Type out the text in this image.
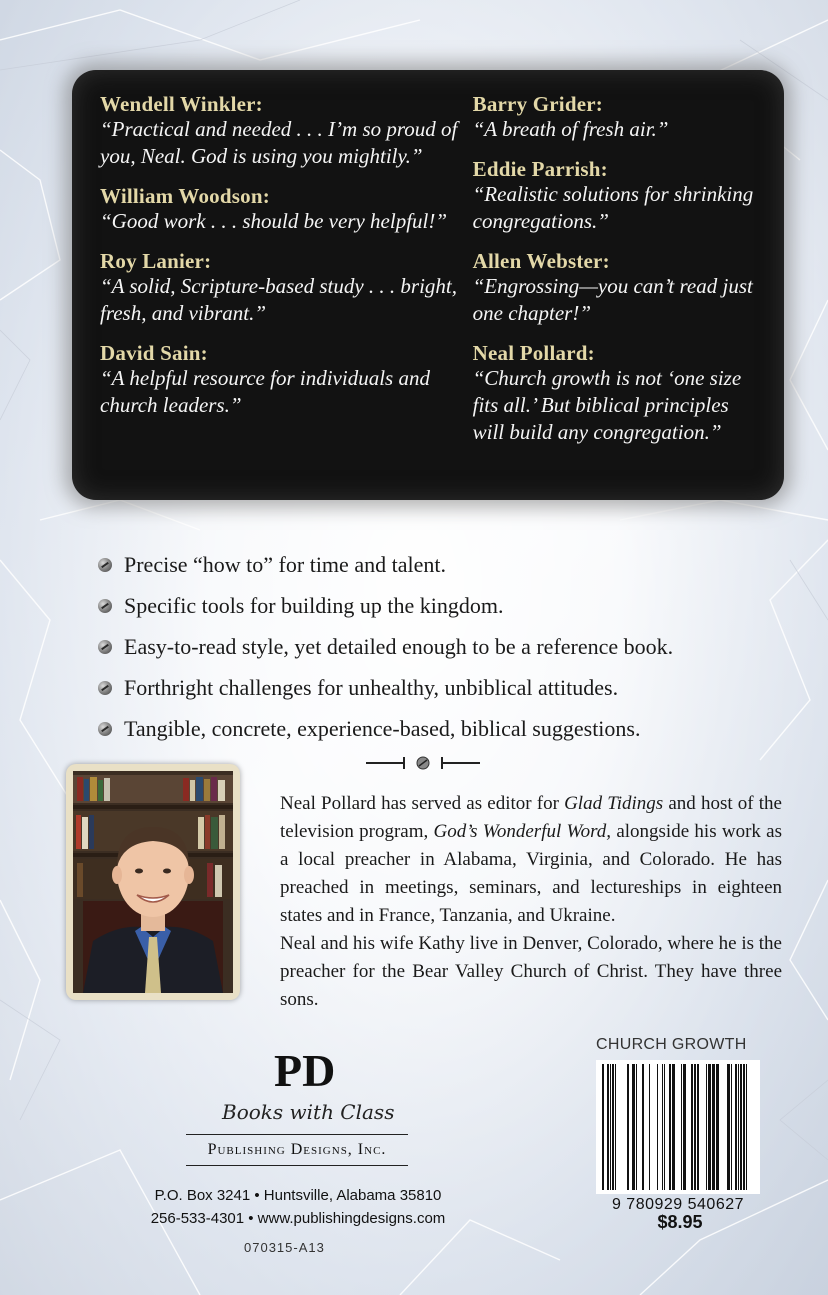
Wendell Winkler:
“Practical and needed . . . I’m so proud of you, Neal. God is using you mightily.”
William Woodson:
“Good work . . . should be very helpful!”
Roy Lanier:
“A solid, Scripture-based study . . . bright, fresh, and vibrant.”
David Sain:
“A helpful resource for individuals and church leaders.”
Barry Grider:
“A breath of fresh air.”
Eddie Parrish:
“Realistic solutions for shrinking congregations.”
Allen Webster:
“Engrossing—you can’t read just one chapter!”
Neal Pollard:
“Church growth is not ‘one size fits all.’ But biblical principles will build any congregation.”
Precise “how to” for time and talent.
Specific tools for building up the kingdom.
Easy-to-read style, yet detailed enough to be a reference book.
Forthright challenges for unhealthy, unbiblical attitudes.
Tangible, concrete, experience-based, biblical suggestions.

Neal Pollard has served as editor for Glad Tidings and host of the television program, God’s Wonderful Word, alongside his work as a local preacher in Alabama, Virginia, and Colorado. He has preached in meetings, seminars, and lectureships in eighteen states and in France, Tanzania, and Ukraine.

Neal and his wife Kathy live in Denver, Colorado, where he is the preacher for the Bear Valley Church of Christ. They have three sons.

PD
Books with Class
Publishing Designs, Inc.
P.O. Box 3241 • Huntsville, Alabama 35810
256-533-4301 • www.publishingdesigns.com
070315-A13
CHURCH GROWTH
9 780929 540627
$8.95
